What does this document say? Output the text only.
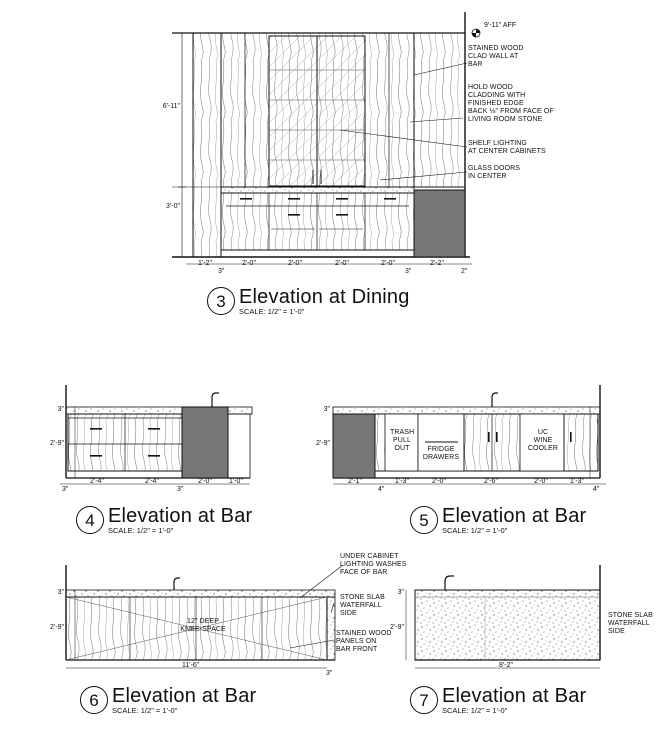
9'-11" AFF
6'-11"
3'-0"
STAINED WOOD
CLAD WALL AT
BAR
HOLD WOOD
CLADDING WITH
FINISHED EDGE
BACK ⅛" FROM FACE OF
LIVING ROOM STONE
SHELF LIGHTING
AT CENTER CABINETS
GLASS DOORS
IN CENTER
1'-2"
3"
2'-0"	2'-0"	2'-0"	2'-0"
3"
2'-2"
2"
3 Elevation at Dining
SCALE: 1/2" = 1'-0"
3"
2'-9"
3"
2'-4"	2'-4"
3"
2'-0" 1'-0"
4 Elevation at Bar
SCALE: 1/2" = 1'-0"
3"
2'-9"
TRASH
PULL
OUT	FRIDGE
DRAWERS
UC
WINE
COOLER
2'-1"
4"
1'-3"	2'-0"	2'-6"	2'-0"	1'-3"
4"
5 Elevation at Bar
SCALE: 1/2" = 1'-0"
3"
2'-9"
12" DEEP
KNEE-SPACE
UNDER CABINET
LIGHTING WASHES
FACE OF BAR
STONE SLAB
WATERFALL
SIDE
STAINED WOOD
PANELS ON
BAR FRONT
11'-6"
3"
6 Elevation at Bar
SCALE: 1/2" = 1'-0"
3"
2'-9"
STONE SLAB
WATERFALL
SIDE
8'-2"
7 Elevation at Bar
SCALE: 1/2" = 1'-0"
